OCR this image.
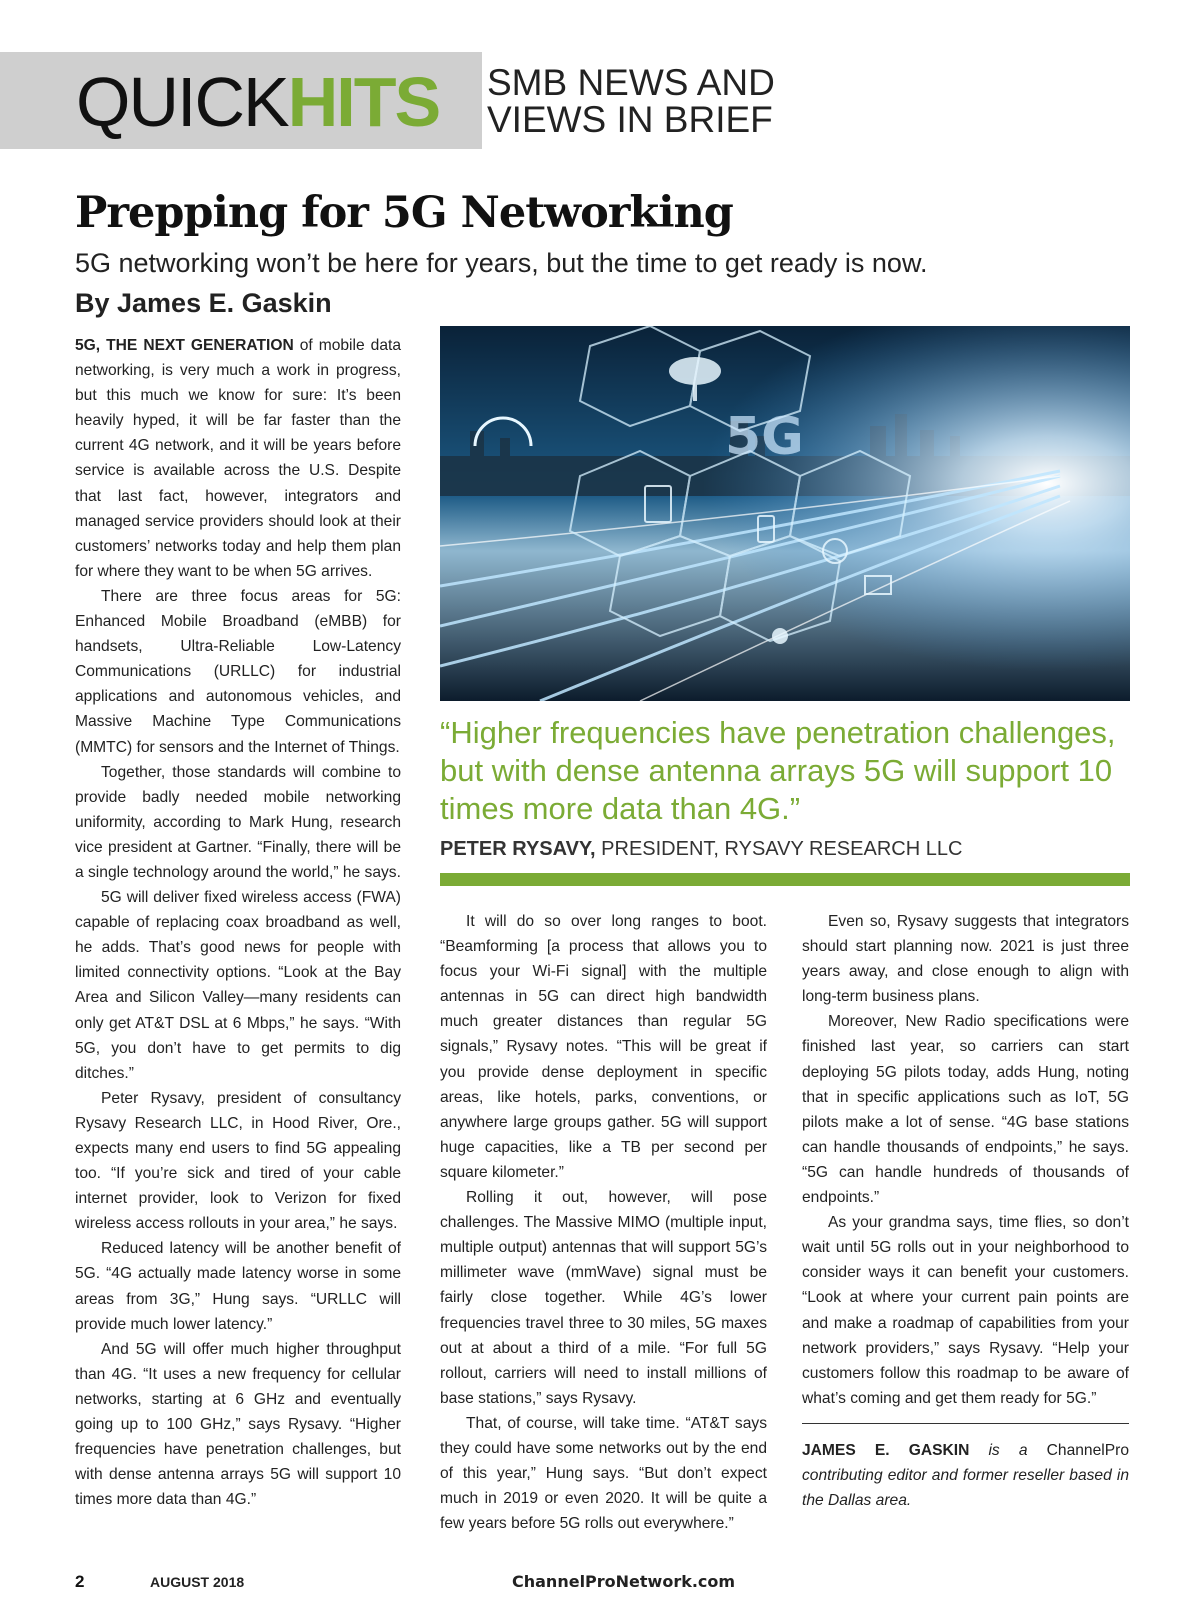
QUICKHITS SMB NEWS AND
VIEWS IN BRIEF
Prepping for 5G Networking
5G networking won’t be here for years, but the time to get ready is now.
By James E. Gaskin

5G, THE NEXT GENERATION of mobile data networking, is very much a work in progress, but this much we know for sure: It’s been heavily hyped, it will be far faster than the current 4G network, and it will be years before service is available across the U.S. Despite that last fact, however, integrators and managed service providers should look at their customers’ networks today and help them plan for where they want to be when 5G arrives.

There are three focus areas for 5G: Enhanced Mobile Broadband (eMBB) for handsets, Ultra-Reliable Low-Latency Communications (URLLC) for industrial applications and autonomous vehicles, and Massive Machine Type Communications (MMTC) for sensors and the Internet of Things.

Together, those standards will combine to provide badly needed mobile networking uniformity, according to Mark Hung, research vice president at Gartner. “Finally, there will be a single technology around the world,” he says.

5G will deliver fixed wireless access (FWA) capable of replacing coax broadband as well, he adds. That’s good news for people with limited connectivity options. “Look at the Bay Area and Silicon Valley—many residents can only get AT&T DSL at 6 Mbps,” he says. “With 5G, you don’t have to get permits to dig ditches.”

Peter Rysavy, president of consultancy Rysavy Research LLC, in Hood River, Ore., expects many end users to find 5G appealing too. “If you’re sick and tired of your cable internet provider, look to Verizon for fixed wireless access rollouts in your area,” he says.

Reduced latency will be another benefit of 5G. “4G actually made latency worse in some areas from 3G,” Hung says. “URLLC will provide much lower latency.”

And 5G will offer much higher throughput than 4G. “It uses a new frequency for cellular networks, starting at 6 GHz and eventually going up to 100 GHz,” says Rysavy. “Higher frequencies have penetration challenges, but with dense antenna arrays 5G will support 10 times more data than 4G.”

5G
“Higher frequencies have penetration challenges, but with dense antenna arrays 5G will support 10 times more data than 4G.”
PETER RYSAVY, PRESIDENT, RYSAVY RESEARCH LLC

It will do so over long ranges to boot. “Beamforming [a process that allows you to focus your Wi-Fi signal] with the multiple antennas in 5G can direct high bandwidth much greater distances than regular 5G signals,” Rysavy notes. “This will be great if you provide dense deployment in specific areas, like hotels, parks, conventions, or anywhere large groups gather. 5G will support huge capacities, like a TB per second per square kilometer.”

Rolling it out, however, will pose challenges. The Massive MIMO (multiple input, multiple output) antennas that will support 5G’s millimeter wave (mmWave) signal must be fairly close together. While 4G’s lower frequencies travel three to 30 miles, 5G maxes out at about a third of a mile. “For full 5G rollout, carriers will need to install millions of base stations,” says Rysavy.

That, of course, will take time. “AT&T says they could have some networks out by the end of this year,” Hung says. “But don’t expect much in 2019 or even 2020. It will be quite a few years before 5G rolls out everywhere.”

Even so, Rysavy suggests that integrators should start planning now. 2021 is just three years away, and close enough to align with long-term business plans.

Moreover, New Radio specifications were finished last year, so carriers can start deploying 5G pilots today, adds Hung, noting that in specific applications such as IoT, 5G pilots make a lot of sense. “4G base stations can handle thousands of endpoints,” he says. “5G can handle hundreds of thousands of endpoints.”

As your grandma says, time flies, so don’t wait until 5G rolls out in your neighborhood to consider ways it can benefit your customers. “Look at where your current pain points are and make a roadmap of capabilities from your network providers,” says Rysavy. “Help your customers follow this roadmap to be aware of what’s coming and get them ready for 5G.”

JAMES E. GASKIN is a ChannelPro contributing editor and former reseller based in the Dallas area.
2	AUGUST 2018	ChannelProNetwork.com
